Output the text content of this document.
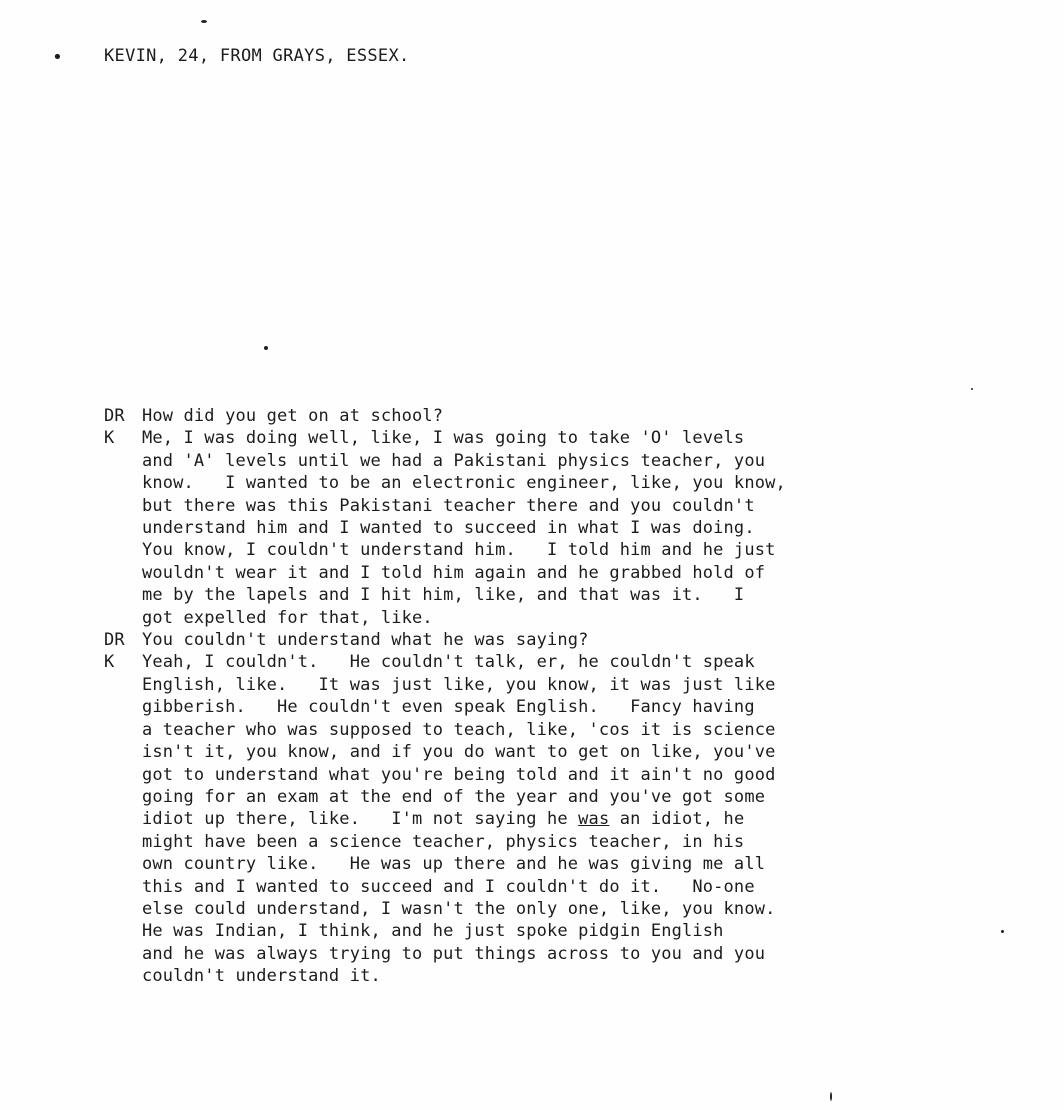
• KEVIN, 24, FROM GRAYS, ESSEX.
DR	How did you get on at school?
K	Me, I was doing well, like, I was going to take 'O' levels
and 'A' levels until we had a Pakistani physics teacher, you
know.   I wanted to be an electronic engineer, like, you know,
but there was this Pakistani teacher there and you couldn't
understand him and I wanted to succeed in what I was doing.
You know, I couldn't understand him.   I told him and he just
wouldn't wear it and I told him again and he grabbed hold of
me by the lapels and I hit him, like, and that was it.   I
got expelled for that, like.
DR	You couldn't understand what he was saying?
K	Yeah, I couldn't.   He couldn't talk, er, he couldn't speak
English, like.   It was just like, you know, it was just like
gibberish.   He couldn't even speak English.   Fancy having
a teacher who was supposed to teach, like, 'cos it is science
isn't it, you know, and if you do want to get on like, you've
got to understand what you're being told and it ain't no good
going for an exam at the end of the year and you've got some
idiot up there, like.   I'm not saying he was an idiot, he
might have been a science teacher, physics teacher, in his
own country like.   He was up there and he was giving me all
this and I wanted to succeed and I couldn't do it.   No-one
else could understand, I wasn't the only one, like, you know.
He was Indian, I think, and he just spoke pidgin English
and he was always trying to put things across to you and you
couldn't understand it.
